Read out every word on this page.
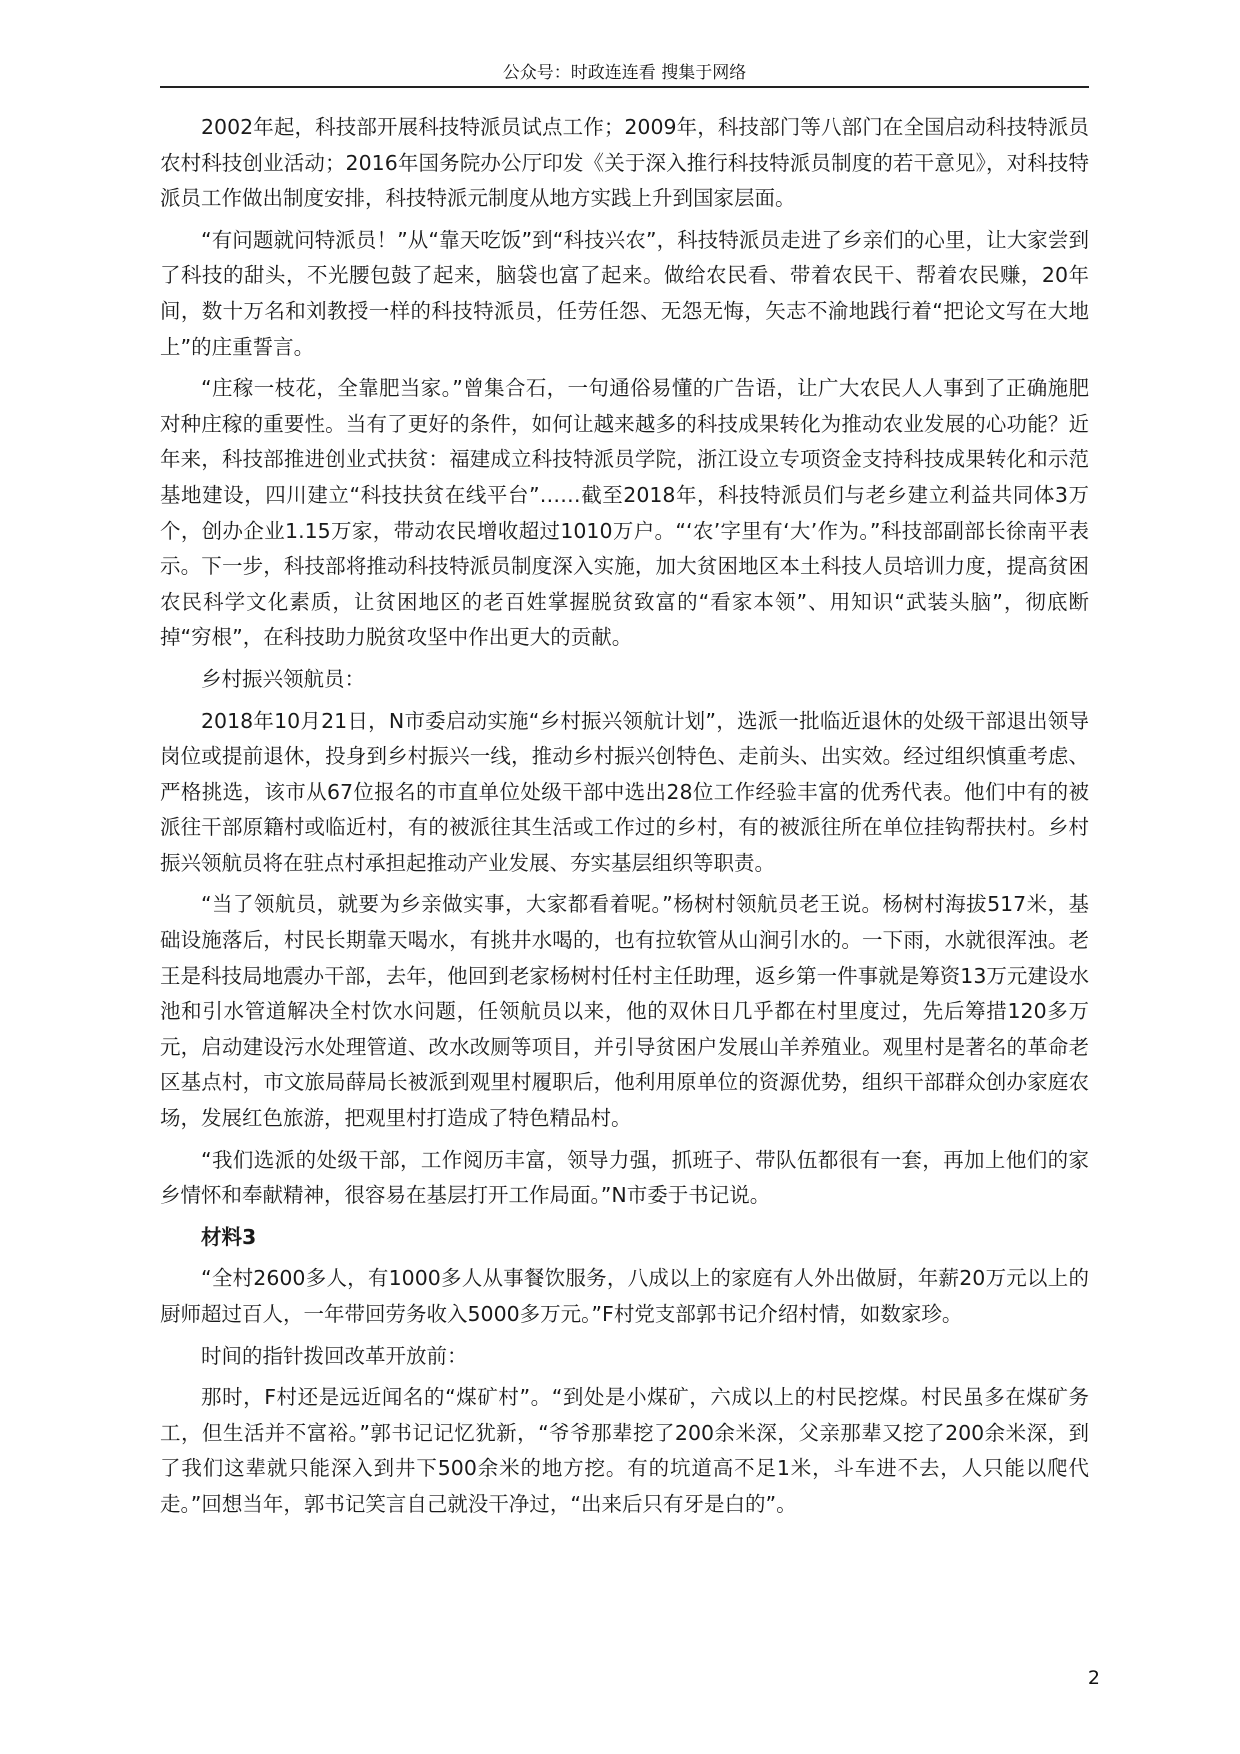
公众号：时政连连看 搜集于网络

2002年起，科技部开展科技特派员试点工作；2009年，科技部门等八部门在全国启动科技特派员农村科技创业活动；2016年国务院办公厅印发《关于深入推行科技特派员制度的若干意见》，对科技特派员工作做出制度安排，科技特派元制度从地方实践上升到国家层面。

“有问题就问特派员！”从“靠天吃饭”到“科技兴农”，科技特派员走进了乡亲们的心里，让大家尝到了科技的甜头，不光腰包鼓了起来，脑袋也富了起来。做给农民看、带着农民干、帮着农民赚，20年间，数十万名和刘教授一样的科技特派员，任劳任怨、无怨无悔，矢志不渝地践行着“把论文写在大地上”的庄重誓言。

“庄稼一枝花，全靠肥当家。”曾集合石，一句通俗易懂的广告语，让广大农民人人事到了正确施肥对种庄稼的重要性。当有了更好的条件，如何让越来越多的科技成果转化为推动农业发展的心功能？近年来，科技部推进创业式扶贫：福建成立科技特派员学院，浙江设立专项资金支持科技成果转化和示范基地建设，四川建立“科技扶贫在线平台”……截至2018年，科技特派员们与老乡建立利益共同体3万个，创办企业1.15万家，带动农民增收超过1010万户。“‘农’字里有‘大’作为。”科技部副部长徐南平表示。下一步，科技部将推动科技特派员制度深入实施，加大贫困地区本土科技人员培训力度，提高贫困农民科学文化素质，让贫困地区的老百姓掌握脱贫致富的“看家本领”、用知识“武装头脑”，彻底断掉“穷根”，在科技助力脱贫攻坚中作出更大的贡献。

乡村振兴领航员：

2018年10月21日，N市委启动实施“乡村振兴领航计划”，选派一批临近退休的处级干部退出领导岗位或提前退休，投身到乡村振兴一线，推动乡村振兴创特色、走前头、出实效。经过组织慎重考虑、严格挑选，该市从67位报名的市直单位处级干部中选出28位工作经验丰富的优秀代表。他们中有的被派往干部原籍村或临近村，有的被派往其生活或工作过的乡村，有的被派往所在单位挂钩帮扶村。乡村振兴领航员将在驻点村承担起推动产业发展、夯实基层组织等职责。

“当了领航员，就要为乡亲做实事，大家都看着呢。”杨树村领航员老王说。杨树村海拔517米，基础设施落后，村民长期靠天喝水，有挑井水喝的，也有拉软管从山涧引水的。一下雨，水就很浑浊。老王是科技局地震办干部，去年，他回到老家杨树村任村主任助理，返乡第一件事就是筹资13万元建设水池和引水管道解决全村饮水问题，任领航员以来，他的双休日几乎都在村里度过，先后筹措120多万元，启动建设污水处理管道、改水改厕等项目，并引导贫困户发展山羊养殖业。观里村是著名的革命老区基点村，市文旅局薛局长被派到观里村履职后，他利用原单位的资源优势，组织干部群众创办家庭农场，发展红色旅游，把观里村打造成了特色精品村。

“我们选派的处级干部，工作阅历丰富，领导力强，抓班子、带队伍都很有一套，再加上他们的家乡情怀和奉献精神，很容易在基层打开工作局面。”N市委于书记说。

材料3

“全村2600多人，有1000多人从事餐饮服务，八成以上的家庭有人外出做厨，年薪20万元以上的厨师超过百人，一年带回劳务收入5000多万元。”F村党支部郭书记介绍村情，如数家珍。

时间的指针拨回改革开放前：

那时，F村还是远近闻名的“煤矿村”。“到处是小煤矿，六成以上的村民挖煤。村民虽多在煤矿务工，但生活并不富裕。”郭书记记忆犹新，“爷爷那辈挖了200余米深，父亲那辈又挖了200余米深，到了我们这辈就只能深入到井下500余米的地方挖。有的坑道高不足1米，斗车进不去，人只能以爬代走。”回想当年，郭书记笑言自己就没干净过，“出来后只有牙是白的”。

2
